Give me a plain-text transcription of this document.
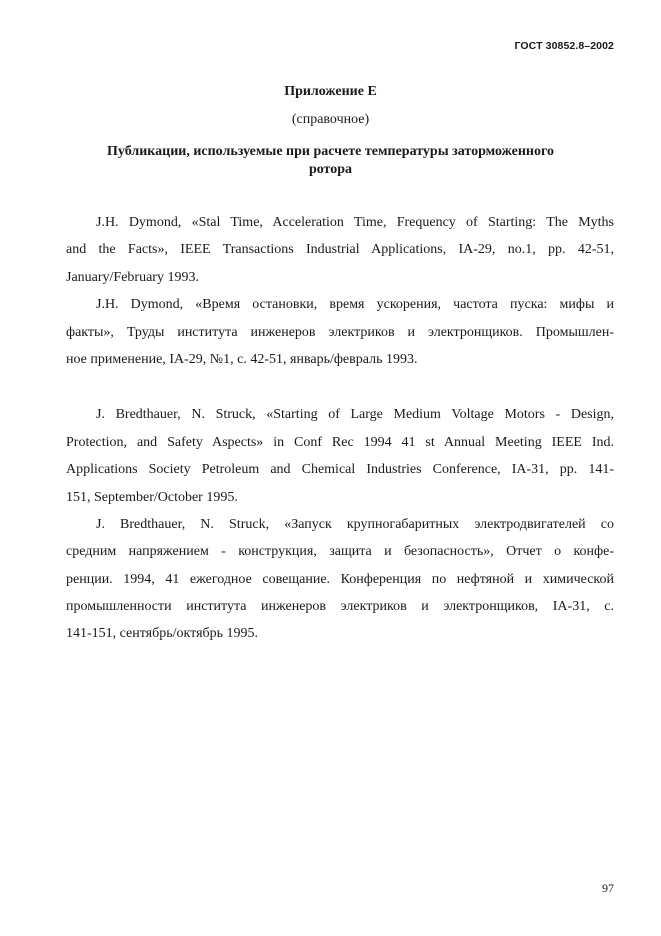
ГОСТ 30852.8–2002
Приложение Е
(справочное)
Публикации, используемые при расчете температуры заторможенного
ротора
J.H. Dymond, «Stal Time, Acceleration Time, Frequency of Starting: The Myths
and the Facts», IEEE Transactions Industrial Applications, IA-29, no.1, pp. 42-51,
January/February 1993.
J.H. Dymond, «Время остановки, время ускорения, частота пуска: мифы и
факты», Труды института инженеров электриков и электронщиков. Промышлен-
ное применение, IA-29, №1, с. 42-51, январь/февраль 1993.
J. Bredthauer, N. Struck, «Starting of Large Medium Voltage Motors - Design,
Protection, and Safety Aspects» in Conf Rec 1994 41 st Annual Meeting IEEE Ind.
Applications Society Petroleum and Chemical Industries Conference, IA-31, pp. 141-
151, September/October 1995.
J. Bredthauer, N. Struck, «Запуск крупногабаритных электродвигателей со
средним напряжением - конструкция, защита и безопасность», Отчет о конфе-
ренции. 1994, 41 ежегодное совещание. Конференция по нефтяной и химической
промышленности института инженеров электриков и электронщиков, IA-31, с.
141-151, сентябрь/октябрь 1995.
97
